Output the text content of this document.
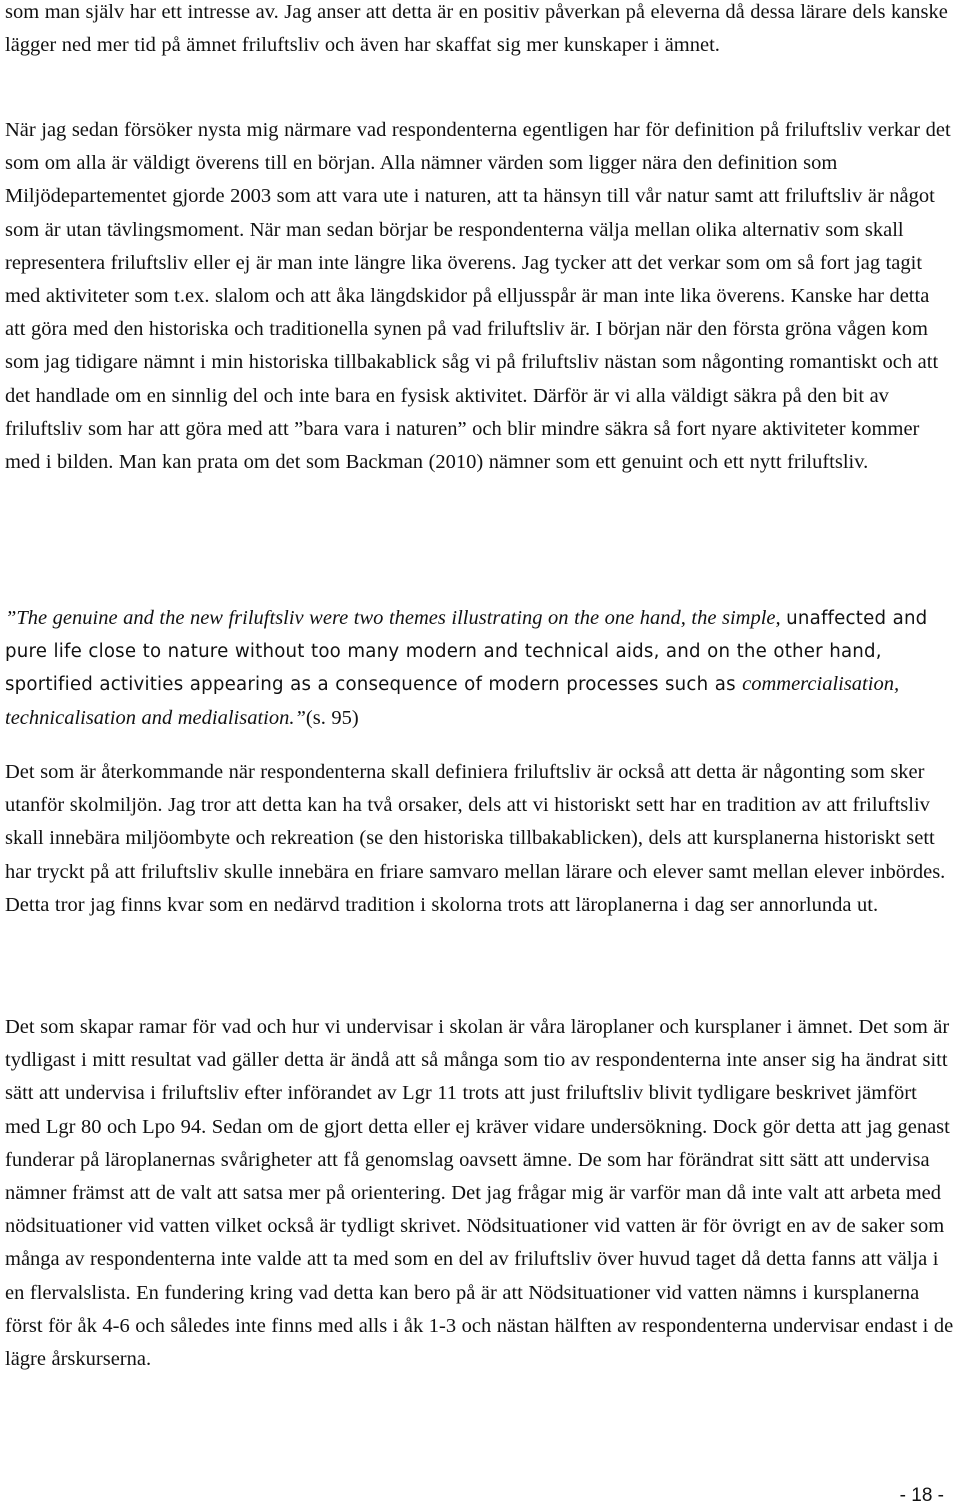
som man själv har ett intresse av. Jag anser att detta är en positiv påverkan på eleverna då dessa lärare dels kanske lägger ned mer tid på ämnet friluftsliv och även har skaffat sig mer kunskaper i ämnet.

När jag sedan försöker nysta mig närmare vad respondenterna egentligen har för definition på friluftsliv verkar det som om alla är väldigt överens till en början. Alla nämner värden som ligger nära den definition som Miljödepartementet gjorde 2003 som att vara ute i naturen, att ta hänsyn till vår natur samt att friluftsliv är något som är utan tävlingsmoment. När man sedan börjar be respondenterna välja mellan olika alternativ som skall representera friluftsliv eller ej är man inte längre lika överens. Jag tycker att det verkar som om så fort jag tagit med aktiviteter som t.ex. slalom och att åka längdskidor på elljusspår är man inte lika överens. Kanske har detta att göra med den historiska och traditionella synen på vad friluftsliv är. I början när den första gröna vågen kom som jag tidigare nämnt i min historiska tillbakablick såg vi på friluftsliv nästan som någonting romantiskt och att det handlade om en sinnlig del och inte bara en fysisk aktivitet. Därför är vi alla väldigt säkra på den bit av friluftsliv som har att göra med att ”bara vara i naturen” och blir mindre säkra så fort nyare aktiviteter kommer med i bilden. Man kan prata om det som Backman (2010) nämner som ett genuint och ett nytt friluftsliv.

”The genuine and the new friluftsliv were two themes illustrating on the one hand, the simple, unaffected and pure life close to nature without too many modern and technical aids, and on the other hand, sportified activities appearing as a consequence of modern processes such as commercialisation, technicalisation and medialisation.”(s. 95)

Det som är återkommande när respondenterna skall definiera friluftsliv är också att detta är någonting som sker utanför skolmiljön. Jag tror att detta kan ha två orsaker, dels att vi historiskt sett har en tradition av att friluftsliv skall innebära miljöombyte och rekreation (se den historiska tillbakablicken), dels att kursplanerna historiskt sett har tryckt på att friluftsliv skulle innebära en friare samvaro mellan lärare och elever samt mellan elever inbördes. Detta tror jag finns kvar som en nedärvd tradition i skolorna trots att läroplanerna i dag ser annorlunda ut.

Det som skapar ramar för vad och hur vi undervisar i skolan är våra läroplaner och kursplaner i ämnet. Det som är tydligast i mitt resultat vad gäller detta är ändå att så många som tio av respondenterna inte anser sig ha ändrat sitt sätt att undervisa i friluftsliv efter införandet av Lgr 11 trots att just friluftsliv blivit tydligare beskrivet jämfört med Lgr 80 och Lpo 94. Sedan om de gjort detta eller ej kräver vidare undersökning. Dock gör detta att jag genast funderar på läroplanernas svårigheter att få genomslag oavsett ämne. De som har förändrat sitt sätt att undervisa nämner främst att de valt att satsa mer på orientering. Det jag frågar mig är varför man då inte valt att arbeta med nödsituationer vid vatten vilket också är tydligt skrivet. Nödsituationer vid vatten är för övrigt en av de saker som många av respondenterna inte valde att ta med som en del av friluftsliv över huvud taget då detta fanns att välja i en flervalslista. En fundering kring vad detta kan bero på är att Nödsituationer vid vatten nämns i kursplanerna först för åk 4-6 och således inte finns med alls i åk 1-3 och nästan hälften av respondenterna undervisar endast i de lägre årskurserna.

- 18 -
